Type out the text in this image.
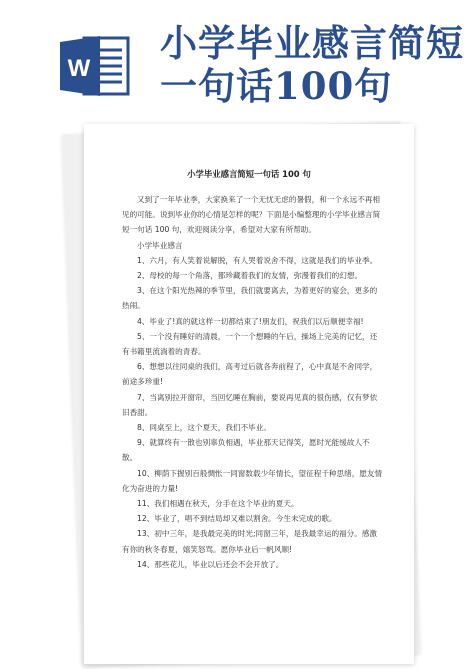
W
小学毕业感言简短
一句话100句
小学毕业感言简短一句话 100 句

又到了一年毕业季，大家换来了一个无忧无虑的暑假，和一个永远不再相见的可能。说到毕业你的心情是怎样的呢？下面是小编整理的小学毕业感言简短一句话 100 句，欢迎阅读分享，希望对大家有所帮助。

小学毕业感言

1、六月，有人笑着说解脱，有人哭着说舍不得，这就是我们的毕业季。

2、母校的每一个角落，都珍藏着我们的友情，弥漫着我们的幻想。

3、在这个阳光热辣的季节里，我们就要离去，为着更好的宴会，更多的热闹。

4、毕业了!真的就这样一切都结束了!朋友们，祝我们以后顺便幸福!

5、一个没有睡好的清晨，一个一个想睡的午后，操场上完美的记忆，还有书籍里流淌着的青春。

6、想想以往同桌的我们，高考过后就各奔前程了，心中真是不舍同学，前途多珍重!

7、当离别拉开窗帘，当回忆睡在胸前，要说再见真的很伤感，仅有梦依旧香甜。

8、同桌至上，这个夏天，我们不毕业。

9、就算终有一散也别辜负相遇，毕业那天记得笑，愿时光能缓故人不散。

10、柳荫下握别百般惆怅一同窗数载少年情长，望征程千种思绪，愿友情化为奋进的力量!

11、我们相遇在秋天，分手在这个毕业的夏天。

12、毕业了，唱不到结局却又难以割舍。今生未完成的歌。

13、初中三年，是我最完美的时光;同窗三年，是我最幸运的福分。感激有你的秋冬春夏，嬉笑怒骂。愿你毕业后一帆风顺!

14、那些花儿，毕业以后还会不会开放了。
